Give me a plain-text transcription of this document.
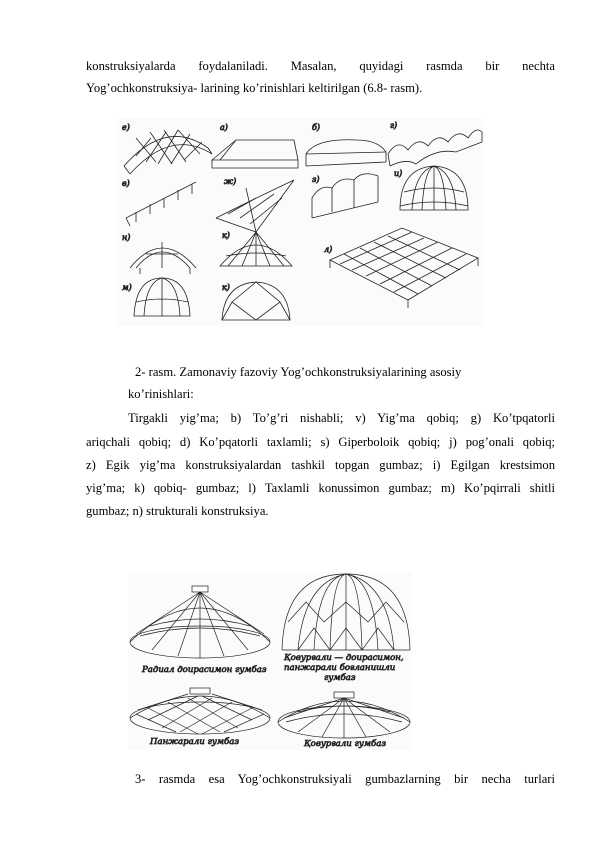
konstruksiyalarda foydalaniladi. Masalan, quyidagi rasmda bir nechta
Yog’ochkonstruksiya- larining ko’rinishlari keltirilgan (6.8- rasm).
e)	a)	б)	г)
в)	ж)	з)
и)
н)	к)
л)
м)	к)
2- rasm. Zamonaviy fazoviy Yog’ochkonstruksiyalarining asosiy
ko’rinishlari:
Tirgakli yig’ma; b) To’g’ri nishabli; v) Yig’ma qobiq; g) Ko’tpqatorli
ariqchali qobiq; d) Ko’pqatorli taxlamli; s) Giperboloik qobiq; j) pog’onali qobiq;
z) Egik yig’ma konstruksiyalardan tashkil topgan gumbaz; i) Egilgan krestsimon
yig’ma; k) qobiq- gumbaz; l) Taxlamli konussimon gumbaz; m) Ko’pqirrali shitli
gumbaz; n) strukturali konstruksiya.
Радиал доирасимон гумбаз
Қовурғали — доирасимон,
панжарали боғланишли
гумбаз
Панжарали гумбаз	Қовурғали гумбаз
3- rasmda esa Yog’ochkonstruksiyali gumbazlarning bir necha turlari
